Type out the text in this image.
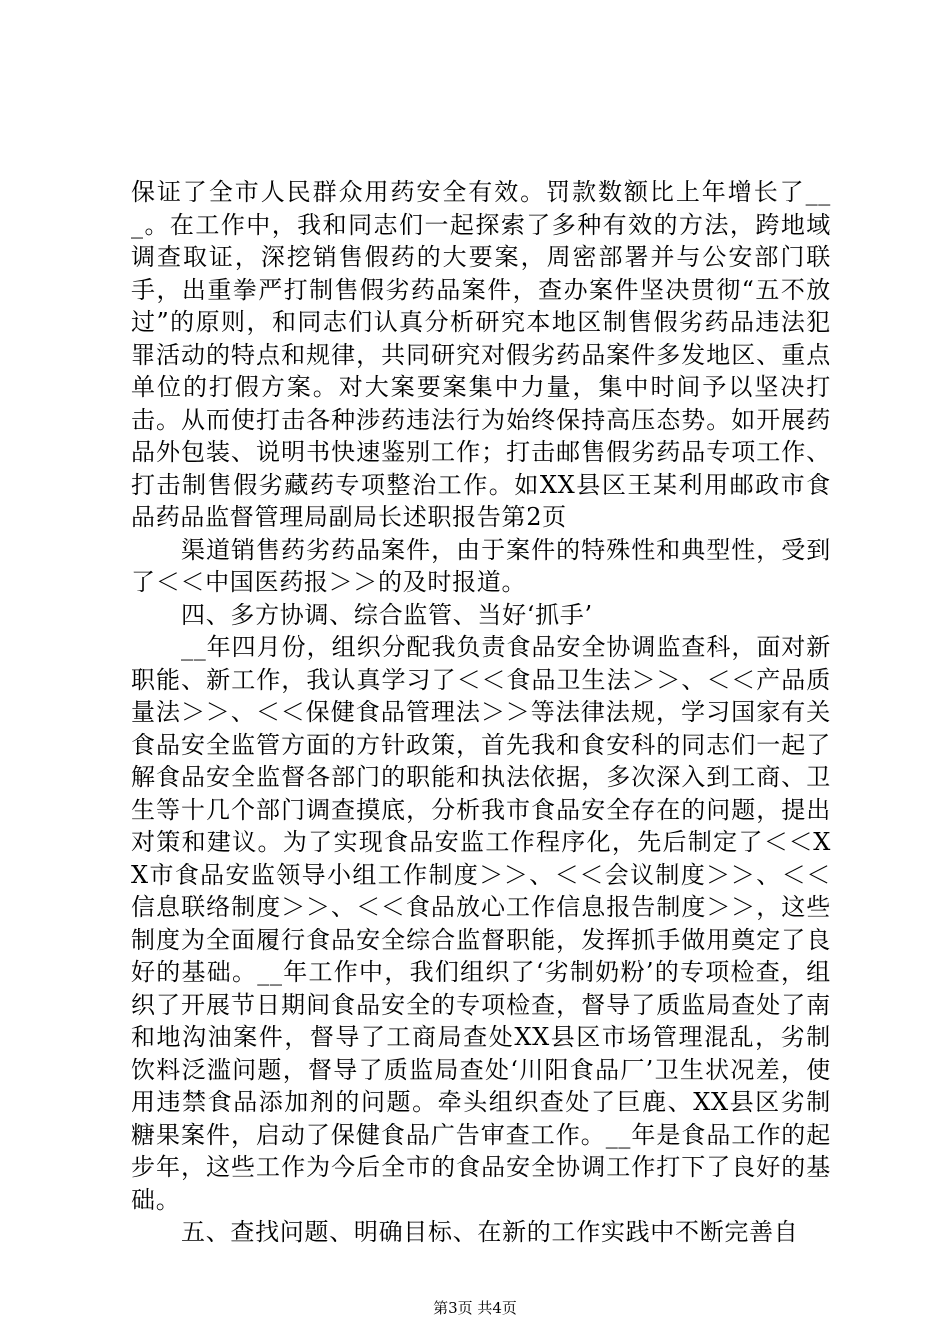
保证了全市人民群众用药安全有效。罚款数额比上年增长了___。在工作中，我和同志们一起探索了多种有效的方法，跨地域调查取证，深挖销售假药的大要案，周密部署并与公安部门联手，出重拳严打制售假劣药品案件，查办案件坚决贯彻“五不放过”的原则，和同志们认真分析研究本地区制售假劣药品违法犯罪活动的特点和规律，共同研究对假劣药品案件多发地区、重点单位的打假方案。对大案要案集中力量，集中时间予以坚决打击。从而使打击各种涉药违法行为始终保持高压态势。如开展药品外包装、说明书快速鉴别工作；打击邮售假劣药品专项工作、打击制售假劣藏药专项整治工作。如XX县区王某利用邮政市食品药品监督管理局副局长述职报告第2页

渠道销售药劣药品案件，由于案件的特殊性和典型性，受到了＜＜中国医药报＞＞的及时报道。

四、多方协调、综合监管、当好‘抓手’

__年四月份，组织分配我负责食品安全协调监查科，面对新职能、新工作，我认真学习了＜＜食品卫生法＞＞、＜＜产品质量法＞＞、＜＜保健食品管理法＞＞等法律法规，学习国家有关食品安全监管方面的方针政策，首先我和食安科的同志们一起了解食品安全监督各部门的职能和执法依据，多次深入到工商、卫生等十几个部门调查摸底，分析我市食品安全存在的问题，提出对策和建议。为了实现食品安监工作程序化，先后制定了＜＜XX市食品安监领导小组工作制度＞＞、＜＜会议制度＞＞、＜＜信息联络制度＞＞、＜＜食品放心工作信息报告制度＞＞，这些制度为全面履行食品安全综合监督职能，发挥抓手做用奠定了良好的基础。__年工作中，我们组织了‘劣制奶粉’的专项检查，组织了开展节日期间食品安全的专项检查，督导了质监局查处了南和地沟油案件，督导了工商局查处XX县区市场管理混乱，劣制饮料泛滥问题，督导了质监局查处‘川阳食品厂’卫生状况差，使用违禁食品添加剂的问题。牵头组织查处了巨鹿、XX县区劣制糖果案件，启动了保健食品广告审查工作。__年是食品工作的起步年，这些工作为今后全市的食品安全协调工作打下了良好的基础。

五、查找问题、明确目标、在新的工作实践中不断完善自

第3页 共4页
